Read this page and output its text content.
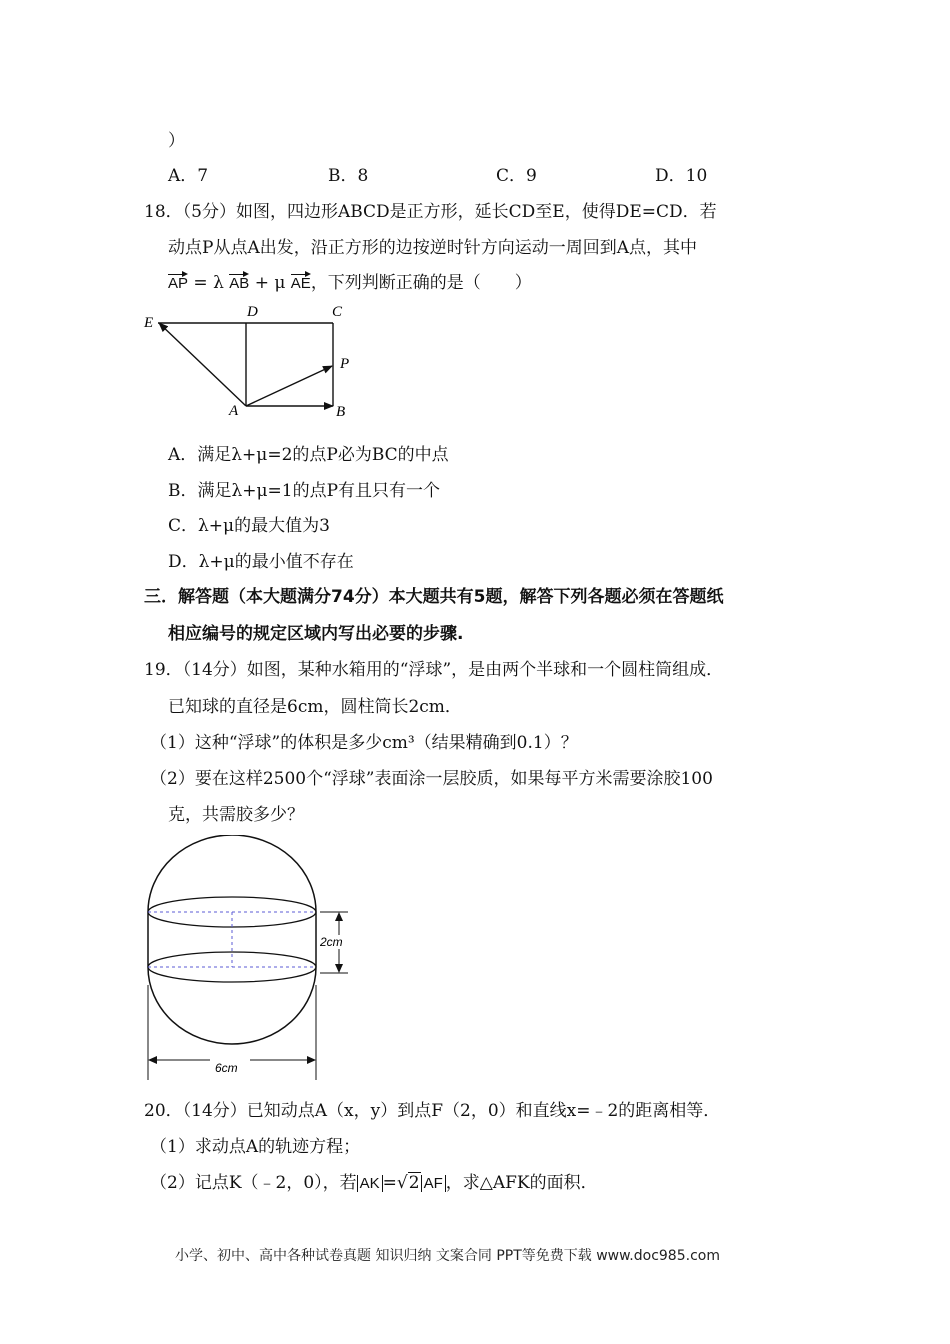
）
A．7	B．8	C．9	D．10
18．（5分）如图，四边形ABCD是正方形，延长CD至E，使得DE=CD．若
动点P从点A出发，沿正方形的边按逆时针方向运动一周回到A点，其中
AP = λ AB + μ AE，下列判断正确的是（　　）
E
D	C
P
A	B
A．满足λ+μ=2的点P必为BC的中点
B．满足λ+μ=1的点P有且只有一个
C．λ+μ的最大值为3
D．λ+μ的最小值不存在
三．解答题（本大题满分74分）本大题共有5题，解答下列各题必须在答题纸
相应编号的规定区域内写出必要的步骤.
19．（14分）如图，某种水箱用的“浮球”，是由两个半球和一个圆柱筒组成．
已知球的直径是6cm，圆柱筒长2cm．
（1）这种“浮球”的体积是多少cm³（结果精确到0.1）？
（2）要在这样2500个“浮球”表面涂一层胶质，如果每平方米需要涂胶100
克，共需胶多少？
2cm
6cm
20．（14分）已知动点A（x，y）到点F（2，0）和直线x=﹣2的距离相等．
（1）求动点A的轨迹方程；
（2）记点K（﹣2，0），若 AK =√2 AF ，求△AFK的面积．
小学、初中、高中各种试卷真题 知识归纳 文案合同 PPT等免费下载 www.doc985.com
